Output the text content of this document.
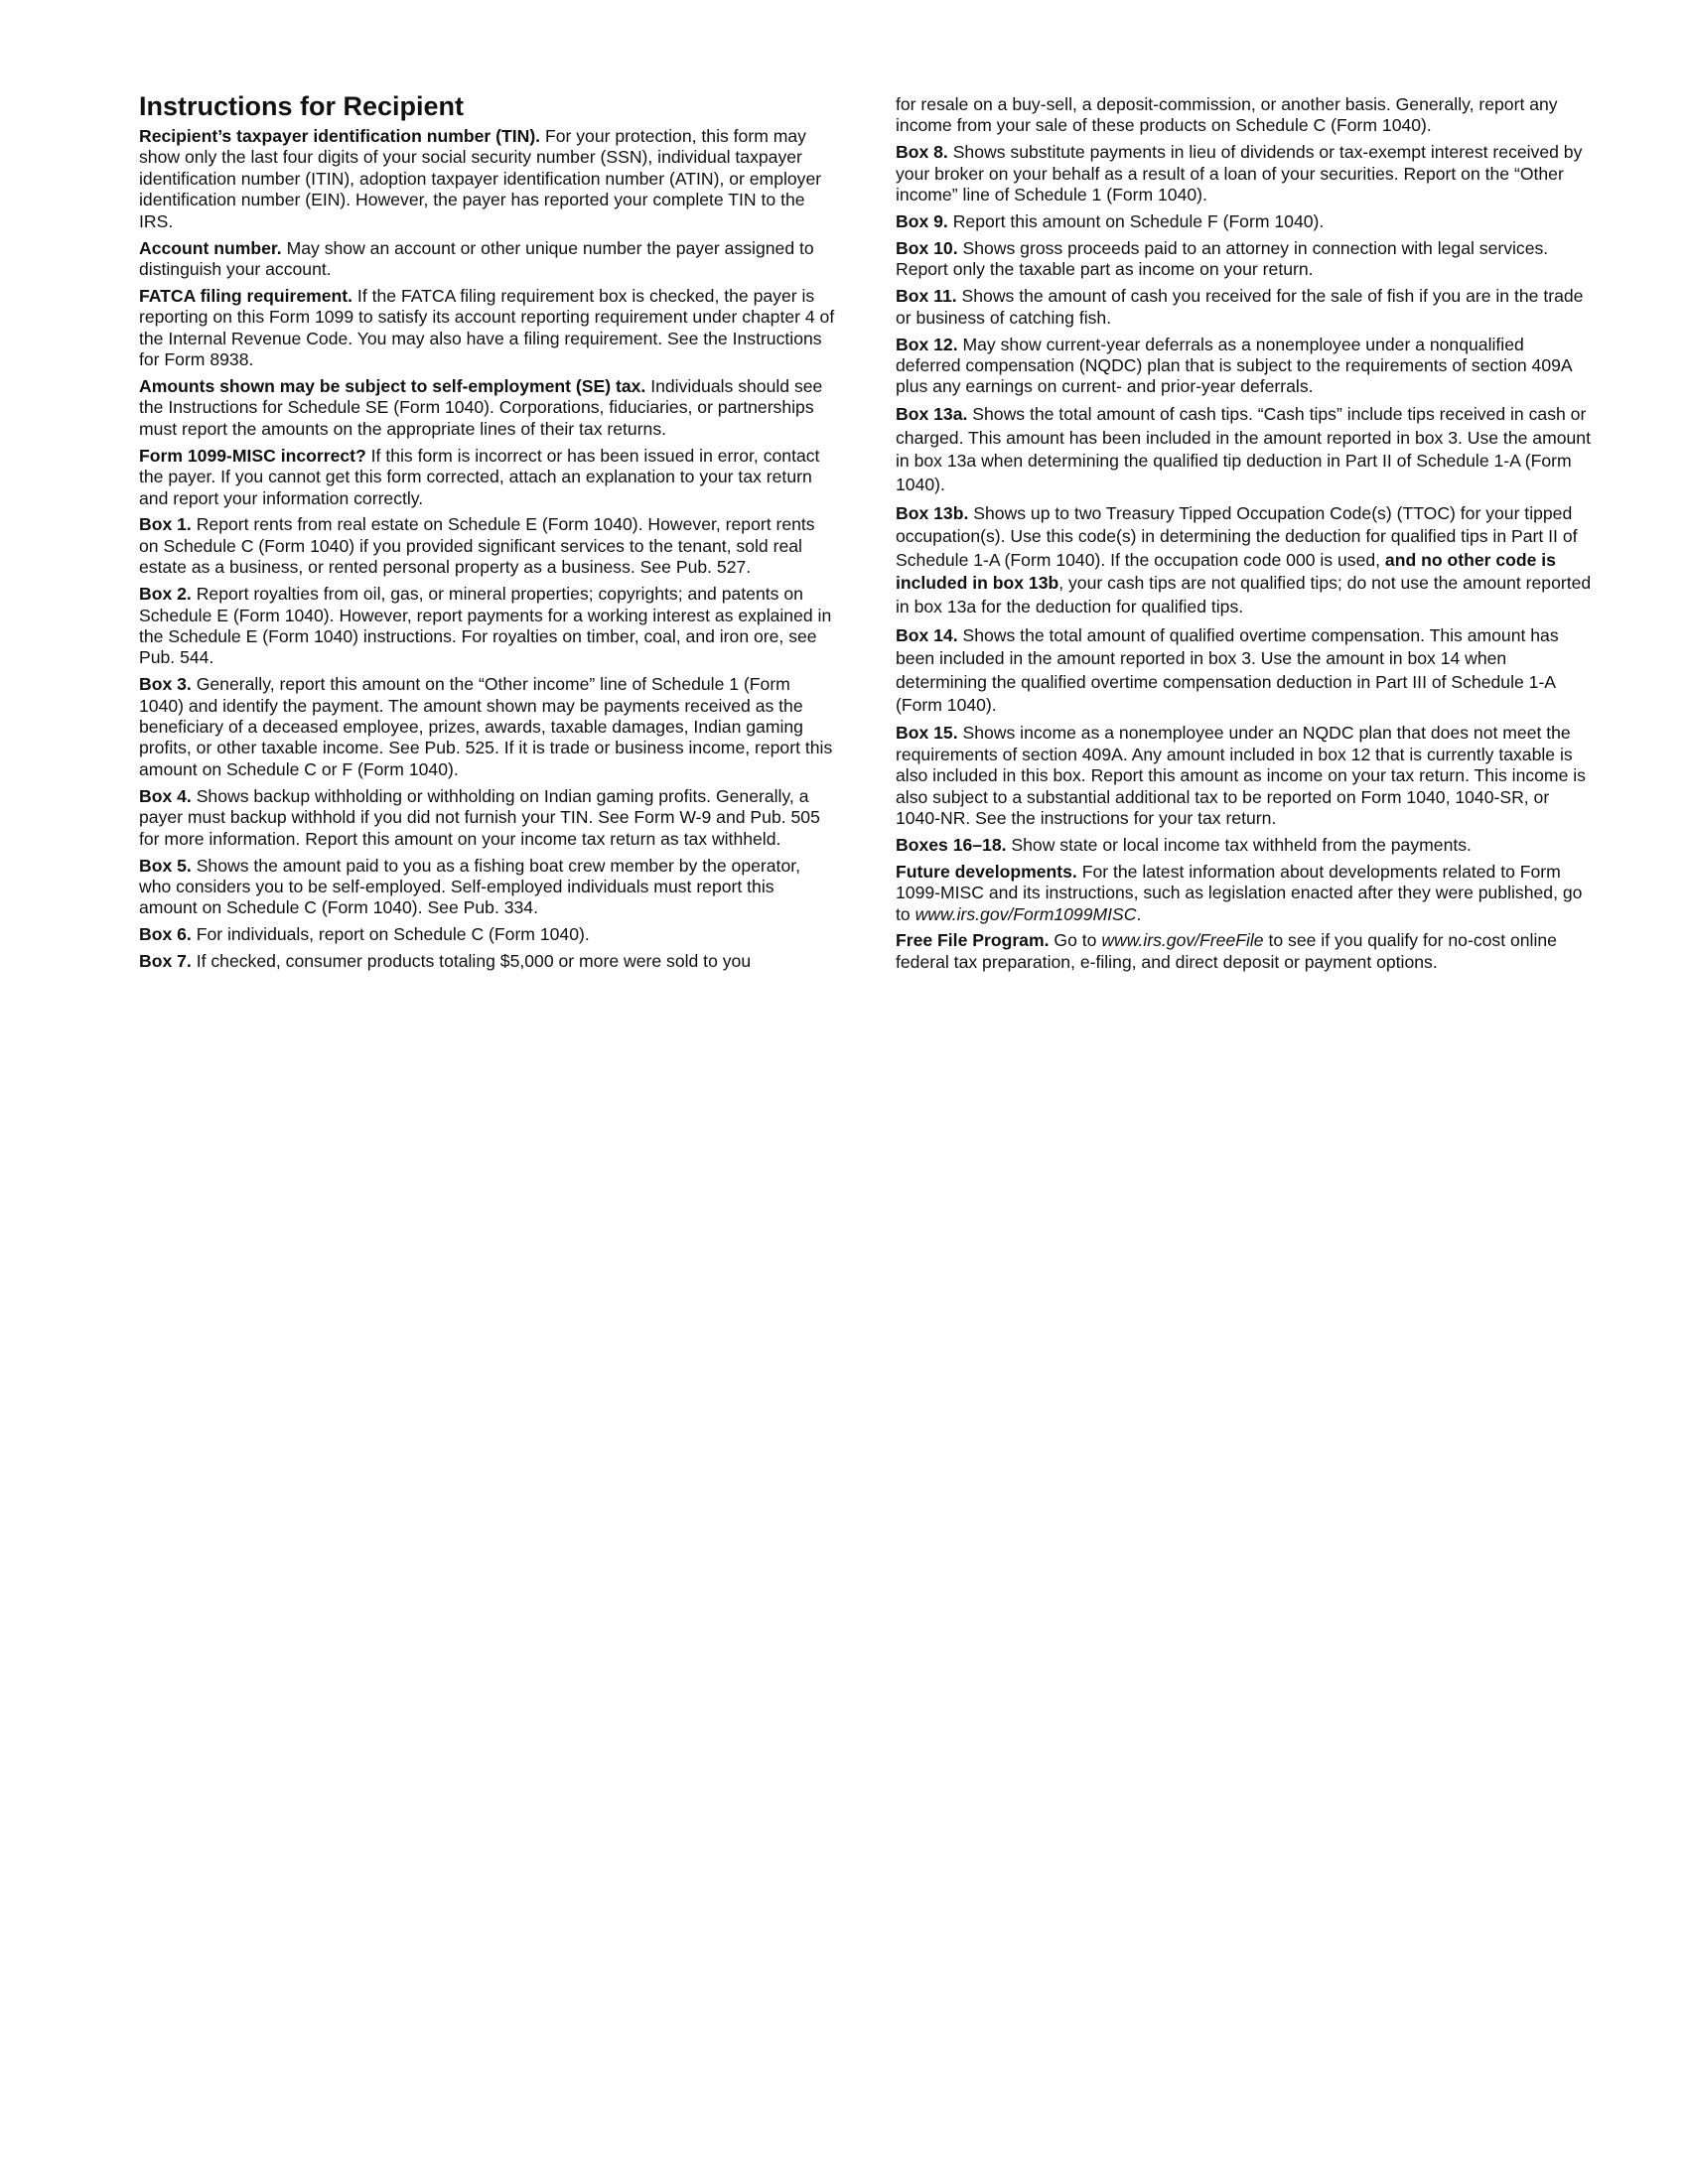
Instructions for Recipient
Recipient’s taxpayer identification number (TIN). For your protection, this form may show only the last four digits of your social security number (SSN), individual taxpayer identification number (ITIN), adoption taxpayer identification number (ATIN), or employer identification number (EIN). However, the payer has reported your complete TIN to the IRS.
Account number. May show an account or other unique number the payer assigned to distinguish your account.
FATCA filing requirement. If the FATCA filing requirement box is checked, the payer is reporting on this Form 1099 to satisfy its account reporting requirement under chapter 4 of the Internal Revenue Code. You may also have a filing requirement. See the Instructions for Form 8938.
Amounts shown may be subject to self-employment (SE) tax. Individuals should see the Instructions for Schedule SE (Form 1040). Corporations, fiduciaries, or partnerships must report the amounts on the appropriate lines of their tax returns.
Form 1099-MISC incorrect? If this form is incorrect or has been issued in error, contact the payer. If you cannot get this form corrected, attach an explanation to your tax return and report your information correctly.
Box 1. Report rents from real estate on Schedule E (Form 1040). However, report rents on Schedule C (Form 1040) if you provided significant services to the tenant, sold real estate as a business, or rented personal property as a business. See Pub. 527.
Box 2. Report royalties from oil, gas, or mineral properties; copyrights; and patents on Schedule E (Form 1040). However, report payments for a working interest as explained in the Schedule E (Form 1040) instructions. For royalties on timber, coal, and iron ore, see Pub. 544.
Box 3. Generally, report this amount on the “Other income” line of Schedule 1 (Form 1040) and identify the payment. The amount shown may be payments received as the beneficiary of a deceased employee, prizes, awards, taxable damages, Indian gaming profits, or other taxable income. See Pub. 525. If it is trade or business income, report this amount on Schedule C or F (Form 1040).
Box 4. Shows backup withholding or withholding on Indian gaming profits. Generally, a payer must backup withhold if you did not furnish your TIN. See Form W-9 and Pub. 505 for more information. Report this amount on your income tax return as tax withheld.
Box 5. Shows the amount paid to you as a fishing boat crew member by the operator, who considers you to be self-employed. Self-employed individuals must report this amount on Schedule C (Form 1040). See Pub. 334.
Box 6. For individuals, report on Schedule C (Form 1040).
Box 7. If checked, consumer products totaling $5,000 or more were sold to you
for resale on a buy-sell, a deposit-commission, or another basis. Generally, report any income from your sale of these products on Schedule C (Form 1040).
Box 8. Shows substitute payments in lieu of dividends or tax-exempt interest received by your broker on your behalf as a result of a loan of your securities. Report on the “Other income” line of Schedule 1 (Form 1040).
Box 9. Report this amount on Schedule F (Form 1040).
Box 10. Shows gross proceeds paid to an attorney in connection with legal services. Report only the taxable part as income on your return.
Box 11. Shows the amount of cash you received for the sale of fish if you are in the trade or business of catching fish.
Box 12. May show current-year deferrals as a nonemployee under a nonqualified deferred compensation (NQDC) plan that is subject to the requirements of section 409A plus any earnings on current- and prior-year deferrals.
Box 13a. Shows the total amount of cash tips. “Cash tips” include tips received in cash or charged. This amount has been included in the amount reported in box 3. Use the amount in box 13a when determining the qualified tip deduction in Part II of Schedule 1-A (Form 1040).
Box 13b. Shows up to two Treasury Tipped Occupation Code(s) (TTOC) for your tipped occupation(s). Use this code(s) in determining the deduction for qualified tips in Part II of Schedule 1-A (Form 1040). If the occupation code 000 is used, and no other code is included in box 13b, your cash tips are not qualified tips; do not use the amount reported in box 13a for the deduction for qualified tips.
Box 14. Shows the total amount of qualified overtime compensation. This amount has been included in the amount reported in box 3. Use the amount in box 14 when determining the qualified overtime compensation deduction in Part III of Schedule 1-A (Form 1040).
Box 15. Shows income as a nonemployee under an NQDC plan that does not meet the requirements of section 409A. Any amount included in box 12 that is currently taxable is also included in this box. Report this amount as income on your tax return. This income is also subject to a substantial additional tax to be reported on Form 1040, 1040-SR, or 1040-NR. See the instructions for your tax return.
Boxes 16–18. Show state or local income tax withheld from the payments.
Future developments. For the latest information about developments related to Form 1099-MISC and its instructions, such as legislation enacted after they were published, go to www.irs.gov/Form1099MISC.
Free File Program. Go to www.irs.gov/FreeFile to see if you qualify for no-cost online federal tax preparation, e-filing, and direct deposit or payment options.
